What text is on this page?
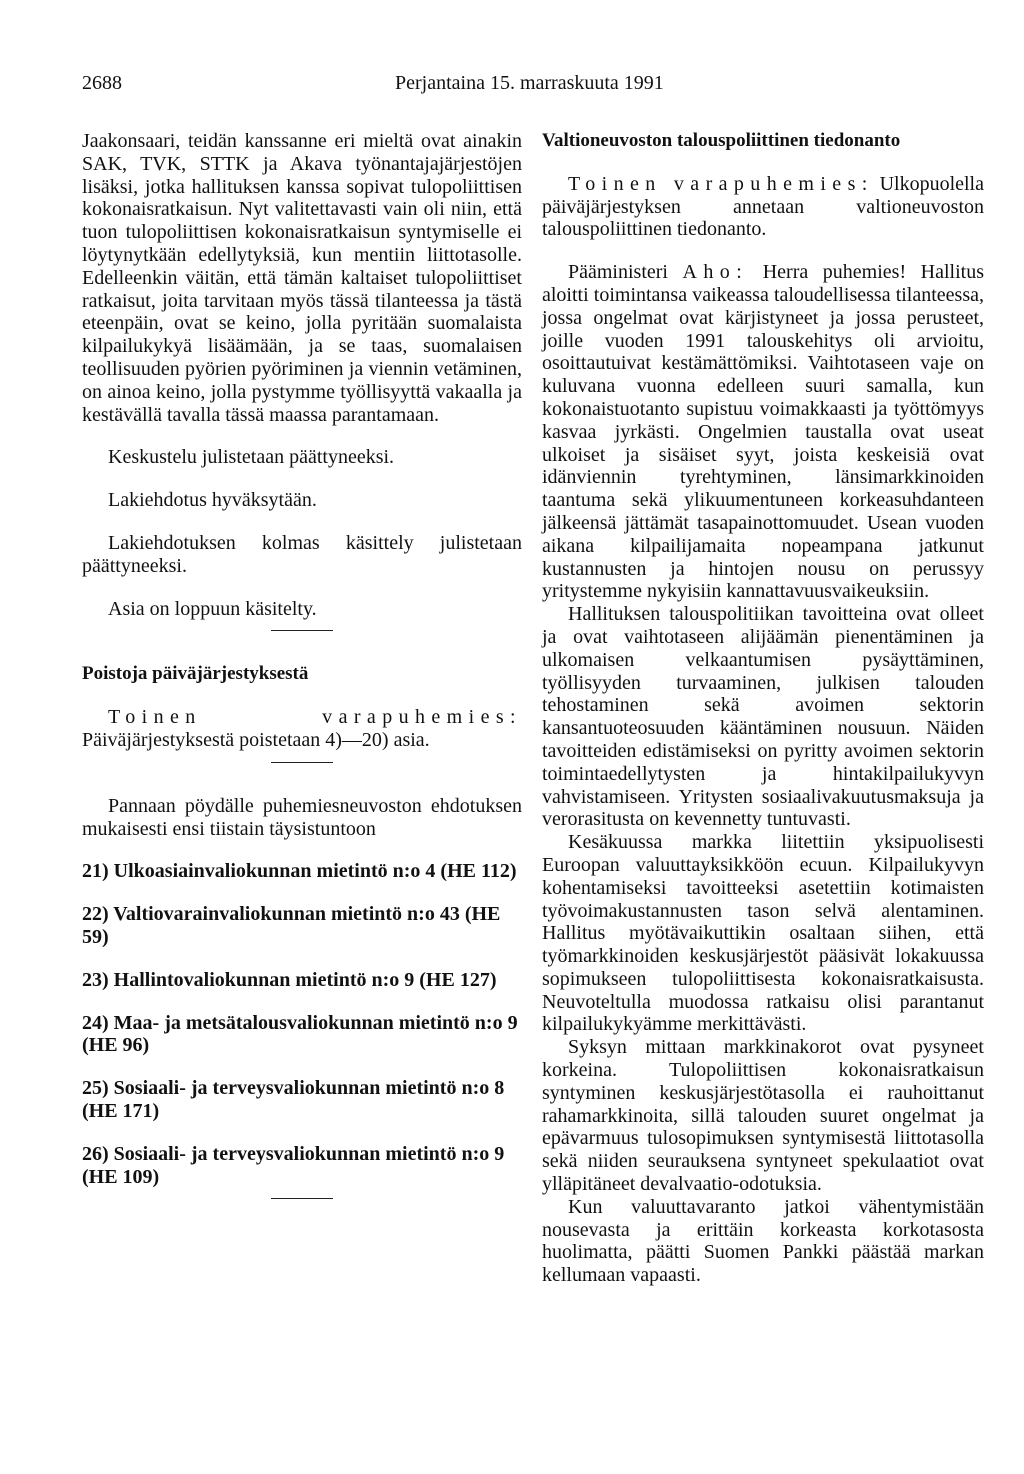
2688	Perjantaina 15. marraskuuta 1991

Jaakonsaari, teidän kanssanne eri mieltä ovat ainakin SAK, TVK, STTK ja Akava työnantajajärjestöjen lisäksi, jotka hallituksen kanssa sopivat tulopoliittisen kokonaisratkaisun. Nyt valitettavasti vain oli niin, että tuon tulopoliittisen kokonaisratkaisun syntymiselle ei löytynytkään edellytyksiä, kun mentiin liittotasolle. Edelleenkin väitän, että tämän kaltaiset tulopoliittiset ratkaisut, joita tarvitaan myös tässä tilanteessa ja tästä eteenpäin, ovat se keino, jolla pyritään suomalaista kilpailukykyä lisäämään, ja se taas, suomalaisen teollisuuden pyörien pyöriminen ja viennin vetäminen, on ainoa keino, jolla pystymme työllisyyttä vakaalla ja kestävällä tavalla tässä maassa parantamaan.

Keskustelu julistetaan päättyneeksi.

Lakiehdotus hyväksytään.

Lakiehdotuksen kolmas käsittely julistetaan päättyneeksi.

Asia on loppuun käsitelty.

Poistoja päiväjärjestyksestä

Toinen varapuhemies: Päiväjärjestyksestä poistetaan 4)—20) asia.

Pannaan pöydälle puhemiesneuvoston ehdotuksen mukaisesti ensi tiistain täysistuntoon

21) Ulkoasiainvaliokunnan mietintö n:o 4 (HE 112)

22) Valtiovarainvaliokunnan mietintö n:o 43 (HE 59)

23) Hallintovaliokunnan mietintö n:o 9 (HE 127)

24) Maa- ja metsätalousvaliokunnan mietintö n:o 9 (HE 96)

25) Sosiaali- ja terveysvaliokunnan mietintö n:o 8 (HE 171)

26) Sosiaali- ja terveysvaliokunnan mietintö n:o 9 (HE 109)

Valtioneuvoston talouspoliittinen tiedonanto

Toinen varapuhemies: Ulkopuolella päiväjärjestyksen annetaan valtioneuvoston talouspoliittinen tiedonanto.

Pääministeri Aho: Herra puhemies! Hallitus aloitti toimintansa vaikeassa taloudellisessa tilanteessa, jossa ongelmat ovat kärjistyneet ja jossa perusteet, joille vuoden 1991 talouskehitys oli arvioitu, osoittautuivat kestämättömiksi. Vaihtotaseen vaje on kuluvana vuonna edelleen suuri samalla, kun kokonaistuotanto supistuu voimakkaasti ja työttömyys kasvaa jyrkästi. Ongelmien taustalla ovat useat ulkoiset ja sisäiset syyt, joista keskeisiä ovat idänviennin tyrehtyminen, länsimarkkinoiden taantuma sekä ylikuumentuneen korkeasuhdanteen jälkeensä jättämät tasapainottomuudet. Usean vuoden aikana kilpailijamaita nopeampana jatkunut kustannusten ja hintojen nousu on perussyy yritystemme nykyisiin kannattavuusvaikeuksiin.

Hallituksen talouspolitiikan tavoitteina ovat olleet ja ovat vaihtotaseen alijäämän pienentäminen ja ulkomaisen velkaantumisen pysäyttäminen, työllisyyden turvaaminen, julkisen talouden tehostaminen sekä avoimen sektorin kansantuoteosuuden kääntäminen nousuun. Näiden tavoitteiden edistämiseksi on pyritty avoimen sektorin toimintaedellytysten ja hintakilpailukyvyn vahvistamiseen. Yritysten sosiaalivakuutusmaksuja ja verorasitusta on kevennetty tuntuvasti.

Kesäkuussa markka liitettiin yksipuolisesti Euroopan valuuttayksikköön ecuun. Kilpailukyvyn kohentamiseksi tavoitteeksi asetettiin kotimaisten työvoimakustannusten tason selvä alentaminen. Hallitus myötävaikuttikin osaltaan siihen, että työmarkkinoiden keskusjärjestöt pääsivät lokakuussa sopimukseen tulopoliittisesta kokonaisratkaisusta. Neuvoteltulla muodossa ratkaisu olisi parantanut kilpailukykyämme merkittävästi.

Syksyn mittaan markkinakorot ovat pysyneet korkeina. Tulopoliittisen kokonaisratkaisun syntyminen keskusjärjestötasolla ei rauhoittanut rahamarkkinoita, sillä talouden suuret ongelmat ja epävarmuus tulosopimuksen syntymisestä liittotasolla sekä niiden seurauksena syntyneet spekulaatiot ovat ylläpitäneet devalvaatio-odotuksia.

Kun valuuttavaranto jatkoi vähentymistään nousevasta ja erittäin korkeasta korkotasosta huolimatta, päätti Suomen Pankki päästää markan kellumaan vapaasti.
